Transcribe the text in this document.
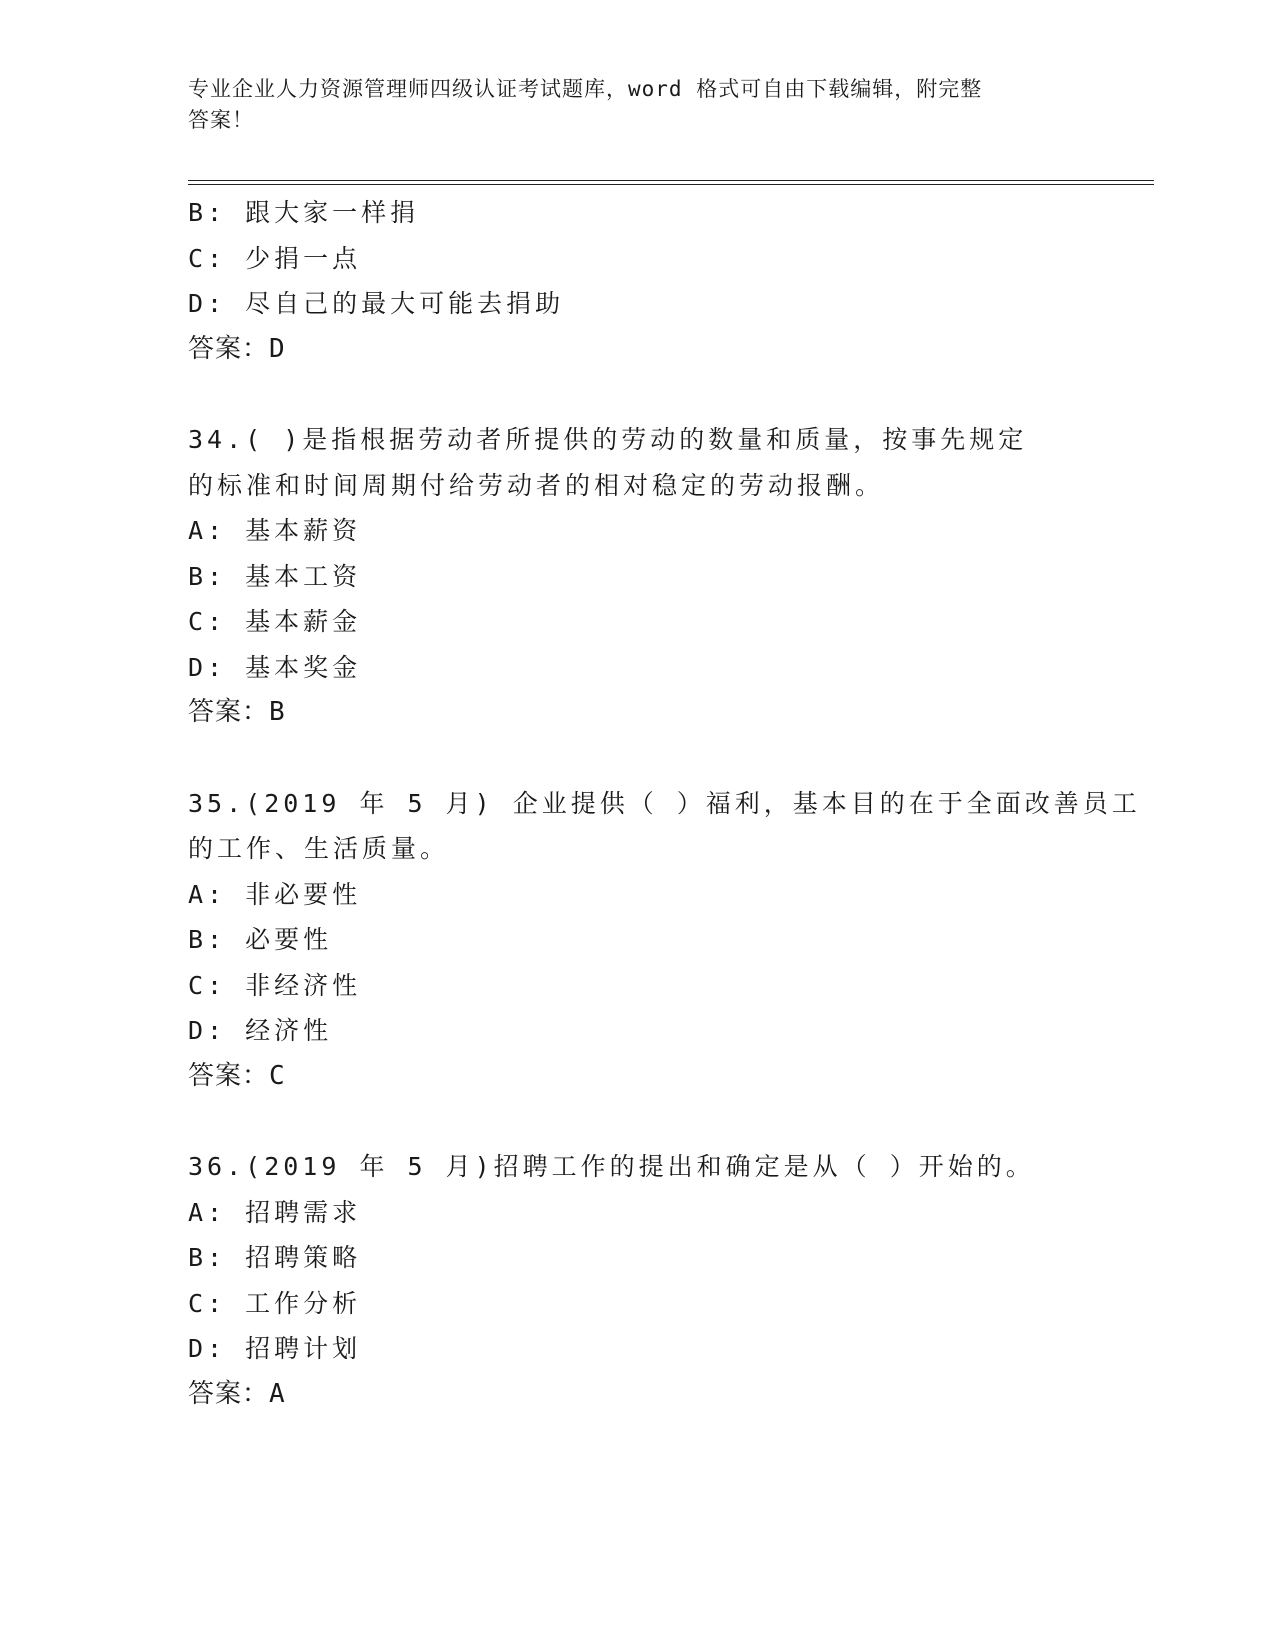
专业企业人力资源管理师四级认证考试题库，word 格式可自由下载编辑，附完整
答案！
B: 跟大家一样捐
C: 少捐一点
D: 尽自己的最大可能去捐助
答案：D
34.( )是指根据劳动者所提供的劳动的数量和质量，按事先规定
的标准和时间周期付给劳动者的相对稳定的劳动报酬。
A: 基本薪资
B: 基本工资
C: 基本薪金
D: 基本奖金
答案：B
35.(2019 年 5 月) 企业提供（ ）福利，基本目的在于全面改善员工
的工作、生活质量。
A: 非必要性
B: 必要性
C: 非经济性
D: 经济性
答案：C
36.(2019 年 5 月)招聘工作的提出和确定是从（ ）开始的。
A: 招聘需求
B: 招聘策略
C: 工作分析
D: 招聘计划
答案：A
